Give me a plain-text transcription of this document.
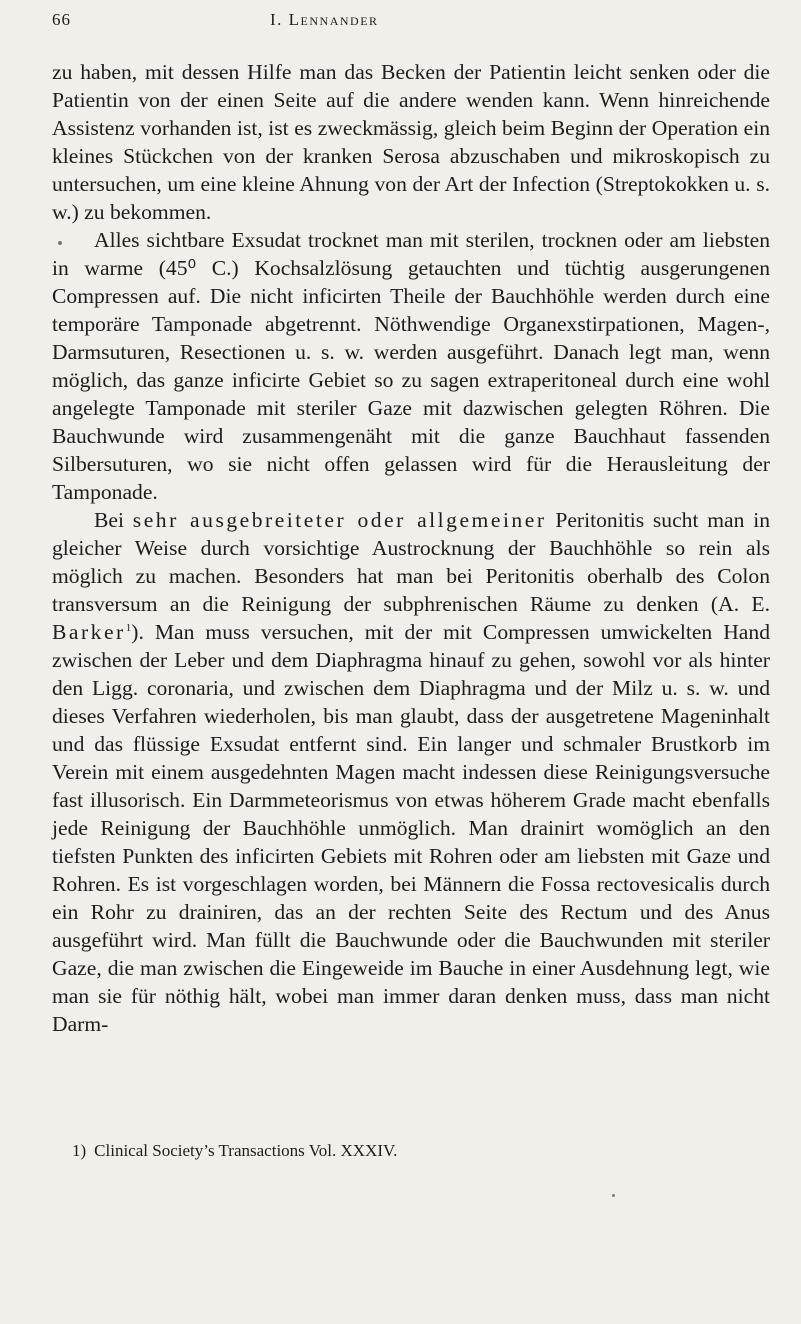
66	I. Lennander

zu haben, mit dessen Hilfe man das Becken der Patientin leicht senken oder die Patientin von der einen Seite auf die andere wenden kann. Wenn hinreichende Assistenz vorhanden ist, ist es zweckmässig, gleich beim Beginn der Operation ein kleines Stückchen von der kranken Serosa abzuschaben und mikroskopisch zu untersuchen, um eine kleine Ahnung von der Art der Infection (Streptokokken u. s. w.) zu bekommen.

Alles sichtbare Exsudat trocknet man mit sterilen, trocknen oder am liebsten in warme (45⁰ C.) Kochsalzlösung getauchten und tüchtig ausgerungenen Compressen auf. Die nicht inficirten Theile der Bauchhöhle werden durch eine temporäre Tamponade abgetrennt. Nöthwendige Organexstirpationen, Magen-, Darmsuturen, Resectionen u. s. w. werden ausgeführt. Danach legt man, wenn möglich, das ganze inficirte Gebiet so zu sagen extraperitoneal durch eine wohl angelegte Tamponade mit steriler Gaze mit dazwischen gelegten Röhren. Die Bauchwunde wird zusammengenäht mit die ganze Bauchhaut fassenden Silbersuturen, wo sie nicht offen gelassen wird für die Herausleitung der Tamponade.

Bei sehr ausgebreiteter oder allgemeiner Peritonitis sucht man in gleicher Weise durch vorsichtige Austrocknung der Bauchhöhle so rein als möglich zu machen. Besonders hat man bei Peritonitis oberhalb des Colon transversum an die Reinigung der subphrenischen Räume zu denken (A. E. Barker$^1$). Man muss versuchen, mit der mit Compressen umwickelten Hand zwischen der Leber und dem Diaphragma hinauf zu gehen, sowohl vor als hinter den Ligg. coronaria, und zwischen dem Diaphragma und der Milz u. s. w. und dieses Verfahren wiederholen, bis man glaubt, dass der ausgetretene Mageninhalt und das flüssige Exsudat entfernt sind. Ein langer und schmaler Brustkorb im Verein mit einem ausgedehnten Magen macht indessen diese Reinigungsversuche fast illusorisch. Ein Darmmeteorismus von etwas höherem Grade macht ebenfalls jede Reinigung der Bauchhöhle unmöglich. Man drainirt womöglich an den tiefsten Punkten des inficirten Gebiets mit Rohren oder am liebsten mit Gaze und Rohren. Es ist vorgeschlagen worden, bei Männern die Fossa rectovesicalis durch ein Rohr zu drainiren, das an der rechten Seite des Rectum und des Anus ausgeführt wird. Man füllt die Bauchwunde oder die Bauchwunden mit steriler Gaze, die man zwischen die Eingeweide im Bauche in einer Ausdehnung legt, wie man sie für nöthig hält, wobei man immer daran denken muss, dass man nicht Darm-

1) Clinical Society’s Transactions Vol. XXXIV.
